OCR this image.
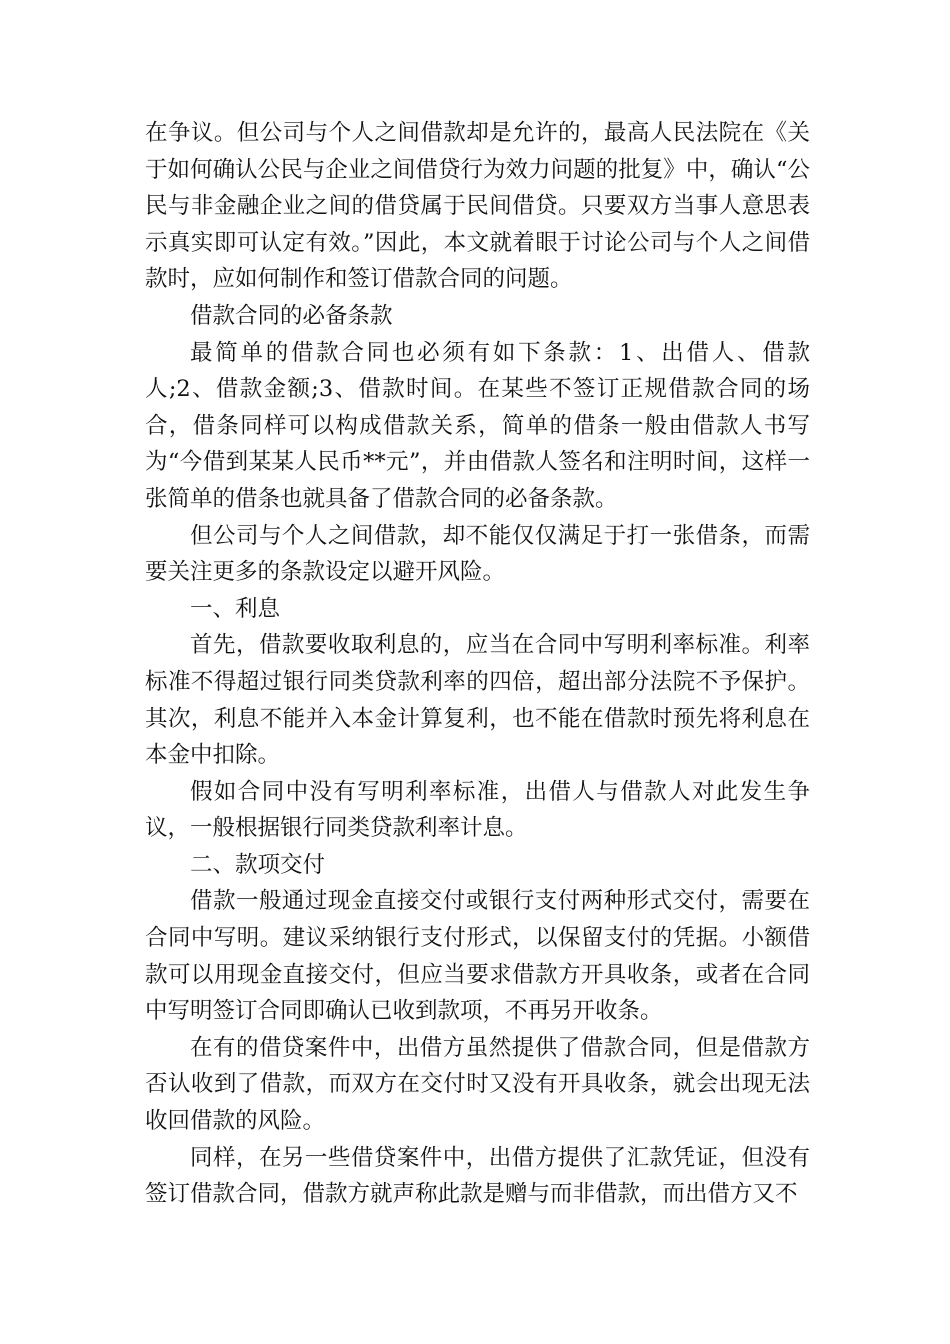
在争议。但公司与个人之间借款却是允许的，最高人民法院在《关于如何确认公民与企业之间借贷行为效力问题的批复》中，确认“公民与非金融企业之间的借贷属于民间借贷。只要双方当事人意思表示真实即可认定有效。”因此，本文就着眼于讨论公司与个人之间借款时，应如何制作和签订借款合同的问题。

借款合同的必备条款

最简单的借款合同也必须有如下条款：1、出借人、借款人;2、借款金额;3、借款时间。在某些不签订正规借款合同的场合，借条同样可以构成借款关系，简单的借条一般由借款人书写为“今借到某某人民币**元”，并由借款人签名和注明时间，这样一张简单的借条也就具备了借款合同的必备条款。

但公司与个人之间借款，却不能仅仅满足于打一张借条，而需要关注更多的条款设定以避开风险。

一、利息

首先，借款要收取利息的，应当在合同中写明利率标准。利率标准不得超过银行同类贷款利率的四倍，超出部分法院不予保护。其次，利息不能并入本金计算复利，也不能在借款时预先将利息在本金中扣除。

假如合同中没有写明利率标准，出借人与借款人对此发生争议，一般根据银行同类贷款利率计息。

二、款项交付

借款一般通过现金直接交付或银行支付两种形式交付，需要在合同中写明。建议采纳银行支付形式，以保留支付的凭据。小额借款可以用现金直接交付，但应当要求借款方开具收条，或者在合同中写明签订合同即确认已收到款项，不再另开收条。

在有的借贷案件中，出借方虽然提供了借款合同，但是借款方否认收到了借款，而双方在交付时又没有开具收条，就会出现无法收回借款的风险。

同样，在另一些借贷案件中，出借方提供了汇款凭证，但没有签订借款合同，借款方就声称此款是赠与而非借款，而出借方又不
